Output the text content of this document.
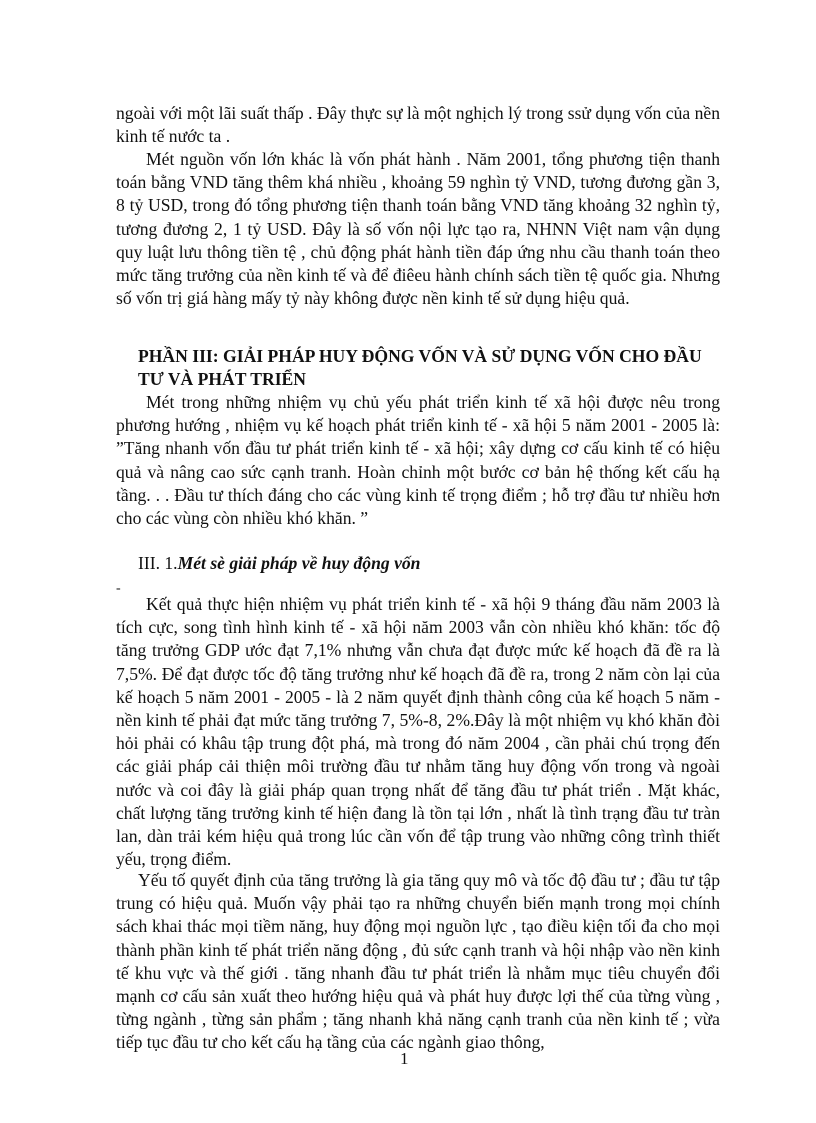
ngoài với một lãi suất thấp . Đây thực sự là một nghịch lý trong ssử dụng vốn của nền kinh tế nước ta .

Mét nguồn vốn lớn khác là vốn phát hành . Năm 2001, tổng phương tiện thanh toán bằng VND tăng thêm khá nhiều , khoảng 59 nghìn tỷ VND, tương đương gần 3, 8 tỷ USD, trong đó tổng phương tiện thanh toán bằng VND tăng khoảng 32 nghìn tỷ, tương đương 2, 1 tỷ USD. Đây là số vốn nội lực tạo ra, NHNN Việt nam vận dụng quy luật lưu thông tiền tệ , chủ động phát hành tiền đáp ứng nhu cầu thanh toán theo mức tăng trưởng của nền kinh tế và để điêeu hành chính sách tiền tệ quốc gia. Nhưng số vốn trị giá hàng mấy tỷ này không được nền kinh tế sử dụng hiệu quả.

PHẦN III: GIẢI PHÁP HUY ĐỘNG VỐN VÀ SỬ DỤNG VỐN CHO ĐẦU TƯ VÀ PHÁT TRIỂN

Mét trong những nhiệm vụ chủ yếu phát triển kinh tế xã hội được nêu trong phương hướng , nhiệm vụ kế hoạch phát triển kinh tế - xã hội 5 năm 2001 - 2005 là: ”Tăng nhanh vốn đầu tư phát triển kinh tế - xã hội; xây dựng cơ cấu kinh tế có hiệu quả và nâng cao sức cạnh tranh. Hoàn chỉnh một bước cơ bản hệ thống kết cấu hạ tầng. . . Đầu tư thích đáng cho các vùng kinh tế trọng điểm ; hỗ trợ đầu tư nhiều hơn cho các vùng còn nhiều khó khăn. ”

III. 1.Mét sè giải pháp về huy động vốn

-

Kết quả thực hiện nhiệm vụ phát triển kinh tế - xã hội 9 tháng đầu năm 2003 là tích cực, song tình hình kinh tế - xã hội năm 2003 vẫn còn nhiều khó khăn: tốc độ tăng trưởng GDP ước đạt 7,1% nhưng vẫn chưa đạt được mức kế hoạch đã đề ra là 7,5%. Để đạt được tốc độ tăng trưởng như kế hoạch đã đề ra, trong 2 năm còn lại của kế hoạch 5 năm 2001 - 2005 - là 2 năm quyết định thành công của kế hoạch 5 năm - nền kinh tế phải đạt mức tăng trưởng 7, 5%-8, 2%.Đây là một nhiệm vụ khó khăn đòi hỏi phải có khâu tập trung đột phá, mà trong đó năm 2004 , cần phải chú trọng đến các giải pháp cải thiện môi trường đầu tư nhằm tăng huy động vốn trong và ngoài nước và coi đây là giải pháp quan trọng nhất để tăng đầu tư phát triển . Mặt khác, chất lượng tăng trưởng kinh tế hiện đang là tồn tại lớn , nhất là tình trạng đầu tư tràn lan, dàn trải kém hiệu quả trong lúc cần vốn để tập trung vào những công trình thiết yếu, trọng điểm.

Yếu tố quyết định của tăng trưởng là gia tăng quy mô và tốc độ đầu tư ; đầu tư tập trung có hiệu quả. Muốn vậy phải tạo ra những chuyển biến mạnh trong mọi chính sách khai thác mọi tiềm năng, huy động mọi nguồn lực , tạo điều kiện tối đa cho mọi thành phần kinh tế phát triển năng động , đủ sức cạnh tranh và hội nhập vào nền kinh tế khu vực và thế giới . tăng nhanh đầu tư phát triển là nhằm mục tiêu chuyển đổi mạnh cơ cấu sản xuất theo hướng hiệu quả và phát huy được lợi thế của từng vùng , từng ngành , từng sản phẩm ; tăng nhanh khả năng cạnh tranh của nền kinh tế ; vừa tiếp tục đầu tư cho kết cấu hạ tầng của các ngành giao thông,

1
